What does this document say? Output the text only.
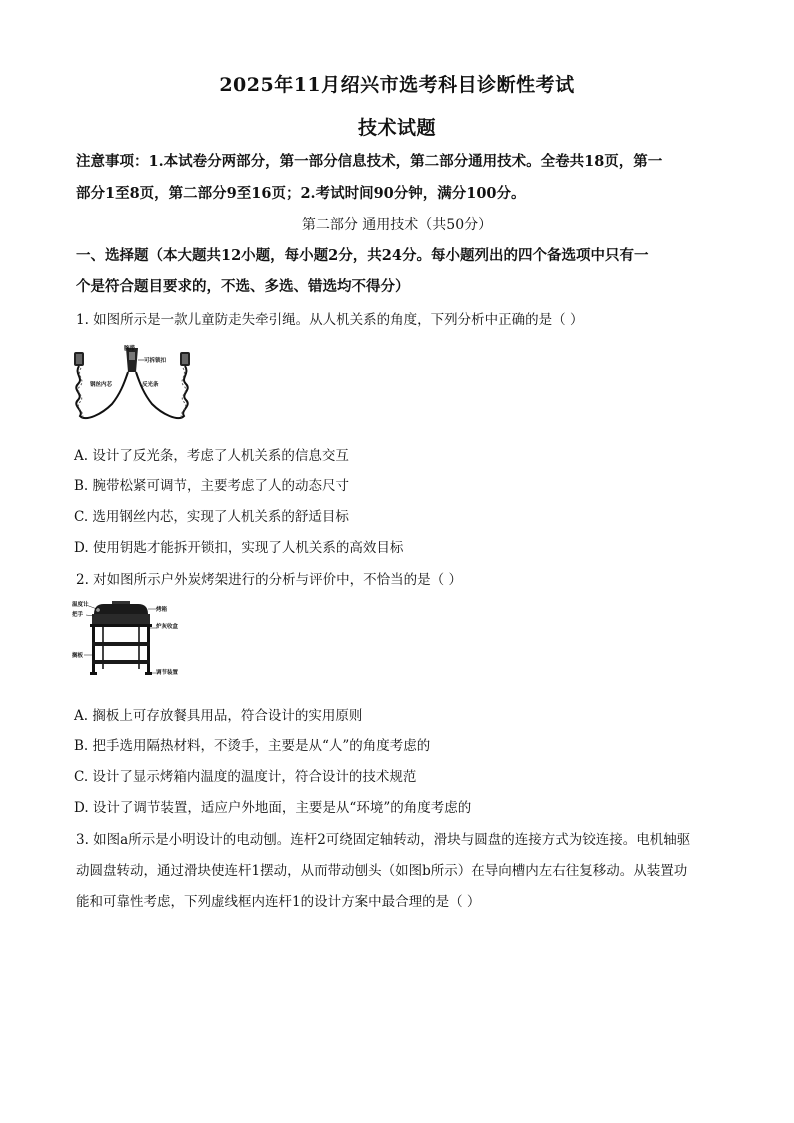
2025年11月绍兴市选考科目诊断性考试
技术试题
注意事项：1.本试卷分两部分，第一部分信息技术，第二部分通用技术。全卷共18页，第一
部分1至8页，第二部分9至16页；2.考试时间90分钟，满分100分。
第二部分 通用技术（共50分）
一、选择题（本大题共12小题，每小题2分，共24分。每小题列出的四个备选项中只有一
个是符合题目要求的，不选、多选、错选均不得分）
1. 如图所示是一款儿童防走失牵引绳。从人机关系的角度，下列分析中正确的是（ ）
腕带
钢丝内芯
可拆锁扣
反光条
A. 设计了反光条，考虑了人机关系的信息交互
B. 腕带松紧可调节，主要考虑了人的动态尺寸
C. 选用钢丝内芯，实现了人机关系的舒适目标
D. 使用钥匙才能拆开锁扣，实现了人机关系的高效目标
2. 对如图所示户外炭烤架进行的分析与评价中，不恰当的是（ ）
温度计
把手
烤箱
炉灰收盒
搁板
调节装置
A. 搁板上可存放餐具用品，符合设计的实用原则
B. 把手选用隔热材料，不烫手，主要是从“人”的角度考虑的
C. 设计了显示烤箱内温度的温度计，符合设计的技术规范
D. 设计了调节装置，适应户外地面，主要是从“环境”的角度考虑的
3. 如图a所示是小明设计的电动刨。连杆2可绕固定轴转动，滑块与圆盘的连接方式为铰连接。电机轴驱
动圆盘转动，通过滑块使连杆1摆动，从而带动刨头（如图b所示）在导向槽内左右往复移动。从装置功
能和可靠性考虑，下列虚线框内连杆1的设计方案中最合理的是（ ）
